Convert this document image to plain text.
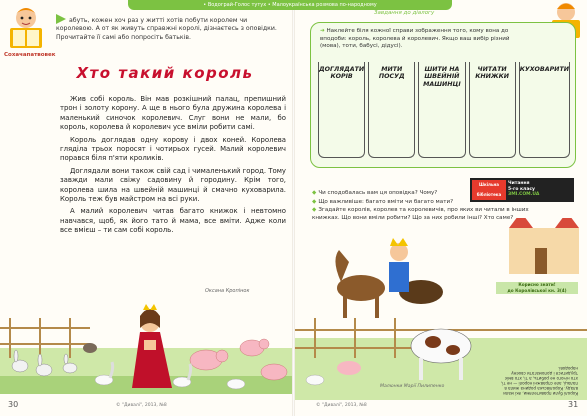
• Водограй-Голос тутух • Малоукраїнська розмова по-народному
Сохачапатвовек
абуть, кожен хоч раз у житті хотів побути королем чи королевою. А от як живуть справжні королі, дізнаєтесь з оповідки. Прочитайте її самі або попросіть батьків.
Хто такий король

Жив собі король. Він мав розкішний палац, препишний трон і золоту корону. А ще в нього була дружина королева і маленький синочок королевич. Слуг вони не мали, бо король, королева й королевич усе вміли робити самі.

Король доглядав одну корову і двох коней. Королева гляділа трьох поросят і чотирьох гусей. Малий королевич порався біля п'яти кроликів.

Доглядали вони також свій сад і чималенький город. Тому завжди мали свіжу садовину й городину. Крім того, королева шила на швейній машинці й смачно куховарила. Король теж був майстром на всі руки.

А малий королевич читав багато книжок і невтомно навчався, щоб, як його тато й мама, все вміти. Адже коли все вмієш – ти сам собі король.

Оксана Кропінок
30	© "Дивалі", 2013, №8
Завдання до діалогу
➜ Наклейте біля кожної справи зображення того, кому вона до вподоби: король, королева й королевич. Якщо ваш вибір різний (мова), тоти, бабусі, дідусі).
ДОГЛЯДАТИ КОРІВ
МИТИ ПОСУД
ШИТИ НА ШВЕЙНІЙ МАШИНЦІ
ЧИТАТИ КНИЖКИ
КУХОВАРИТИ
◆ Чи сподобалась вам ця оповідка? Чому?
◆ Що важливіше: багато вміти чи багато мати?
◆ Згадайте королів, королев та королевичів, про яких ви читали в інших книжках. Що вони вміли робити? Що за них робили інші? Хто саме?
Шкільна бібліотека
Читання
5-го класу
ЗМІ.COM.UA
Корисно знати!
до Королівської кн. 3(4)
Королі були правителями, які мали владу. Королівська родина жила в палаці, але справжні королі — не ті, хто нічого не робить, а ті, хто вміє трудитися і допомагати своєму народові.
Малюнки Марії Пилипенко
31
© "Дивалі", 2013, №8
